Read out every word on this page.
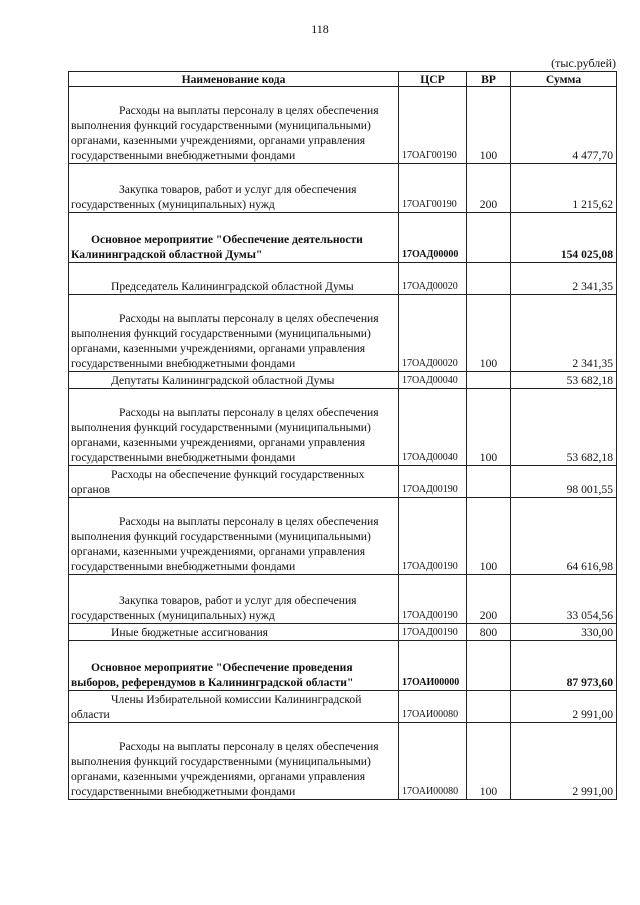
118
(тыс.рублей)
Наименование кода	ЦСР	ВР	Сумма
Расходы на выплаты персоналу в целях обеспечения выполнения функций государственными (муниципальными) органами, казенными учреждениями, органами управления государственными внебюджетными фондами	17ОАГ00190	100	4 477,70
Закупка товаров, работ и услуг для обеспечения государственных (муниципальных) нужд	17ОАГ00190	200	1 215,62
Основное мероприятие "Обеспечение деятельности Калининградской областной Думы"	17ОАД00000		154 025,08
Председатель Калининградской областной Думы	17ОАД00020		2 341,35
Расходы на выплаты персоналу в целях обеспечения выполнения функций государственными (муниципальными) органами, казенными учреждениями, органами управления государственными внебюджетными фондами	17ОАД00020	100	2 341,35
Депутаты Калининградской областной Думы	17ОАД00040		53 682,18
Расходы на выплаты персоналу в целях обеспечения выполнения функций государственными (муниципальными) органами, казенными учреждениями, органами управления государственными внебюджетными фондами	17ОАД00040	100	53 682,18
Расходы на обеспечение функций государственных органов	17ОАД00190		98 001,55
Расходы на выплаты персоналу в целях обеспечения выполнения функций государственными (муниципальными) органами, казенными учреждениями, органами управления государственными внебюджетными фондами	17ОАД00190	100	64 616,98
Закупка товаров, работ и услуг для обеспечения государственных (муниципальных) нужд	17ОАД00190	200	33 054,56
Иные бюджетные ассигнования	17ОАД00190	800	330,00
Основное мероприятие "Обеспечение проведения выборов, референдумов в Калининградской области"	17ОАИ00000		87 973,60
Члены Избирательной комиссии Калининградской области	17ОАИ00080		2 991,00
Расходы на выплаты персоналу в целях обеспечения выполнения функций государственными (муниципальными) органами, казенными учреждениями, органами управления государственными внебюджетными фондами	17ОАИ00080	100	2 991,00
